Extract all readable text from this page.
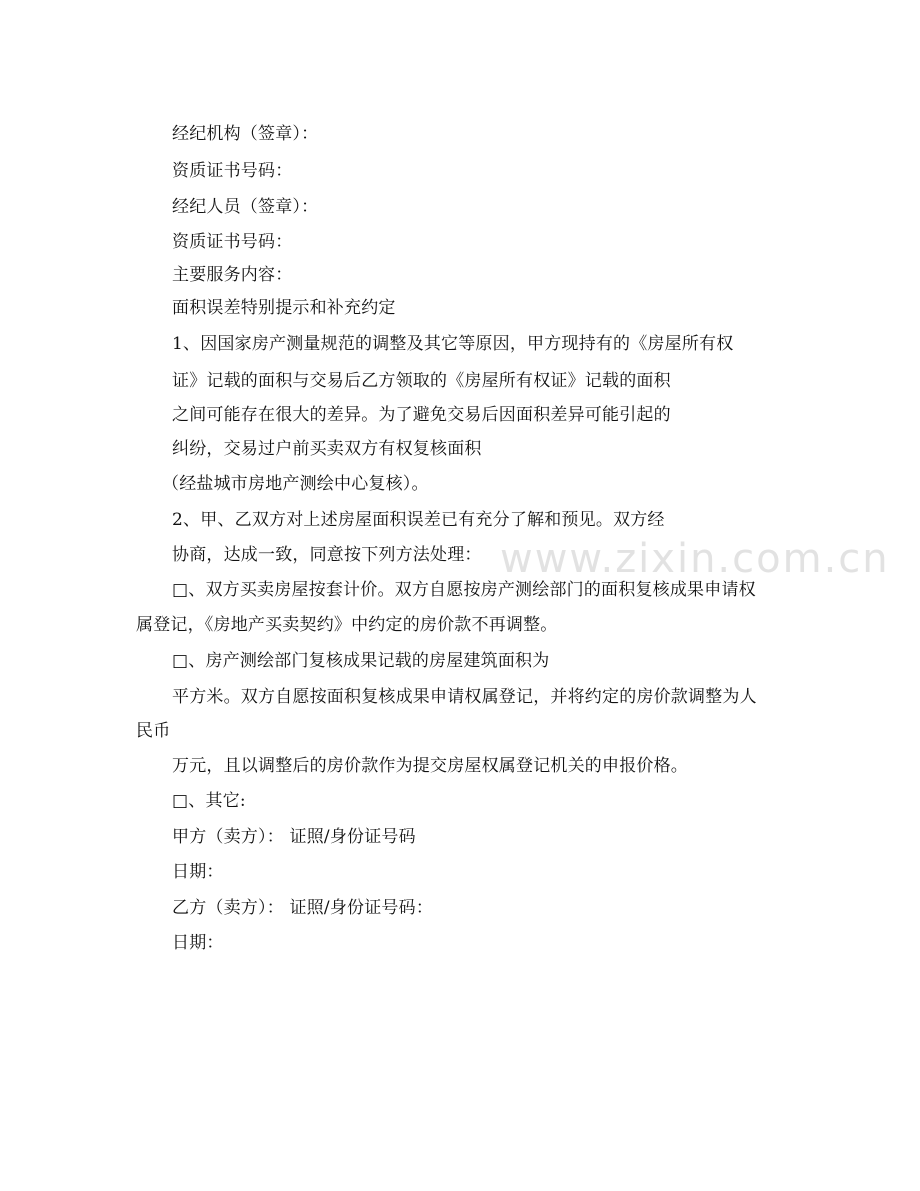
www.zixin.com.cn
经纪机构（签章）：
资质证书号码：
经纪人员（签章）：
资质证书号码：
主要服务内容：
面积误差特别提示和补充约定
1、因国家房产测量规范的调整及其它等原因，甲方现持有的《房屋所有权
证》记载的面积与交易后乙方领取的《房屋所有权证》记载的面积
之间可能存在很大的差异。为了避免交易后因面积差异可能引起的
纠纷，交易过户前买卖双方有权复核面积
（经盐城市房地产测绘中心复核）。
2、甲、乙双方对上述房屋面积误差已有充分了解和预见。双方经
协商，达成一致，同意按下列方法处理：
□、双方买卖房屋按套计价。双方自愿按房产测绘部门的面积复核成果申请权
属登记，《房地产买卖契约》中约定的房价款不再调整。
□、房产测绘部门复核成果记载的房屋建筑面积为
平方米。双方自愿按面积复核成果申请权属登记，并将约定的房价款调整为人
民币
万元，且以调整后的房价款作为提交房屋权属登记机关的申报价格。
□、其它:
甲方（卖方）： 证照/身份证号码
日期：
乙方（卖方）： 证照/身份证号码：
日期：
